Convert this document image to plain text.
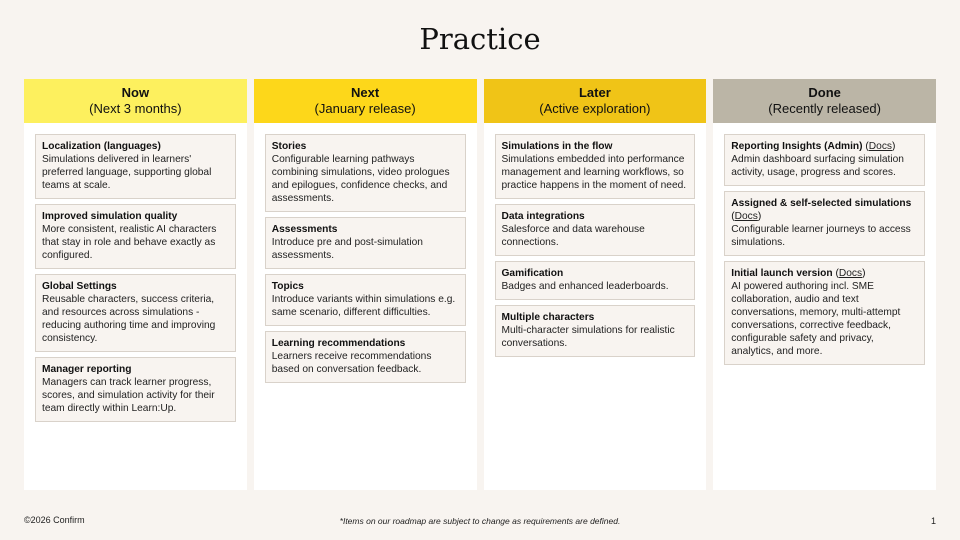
Practice
Now
(Next 3 months)
Localization (languages)
Simulations delivered in learners' preferred language, supporting global teams at scale.
Improved simulation quality
More consistent, realistic AI characters that stay in role and behave exactly as configured.
Global Settings
Reusable characters, success criteria, and resources across simulations - reducing authoring time and improving consistency.
Manager reporting
Managers can track learner progress, scores, and simulation activity for their team directly within Learn:Up.
Next
(January release)
Stories
Configurable learning pathways combining simulations, video prologues and epilogues, confidence checks, and assessments.
Assessments
Introduce pre and post-simulation assessments.
Topics
Introduce variants within simulations e.g. same scenario, different difficulties.
Learning recommendations
Learners receive recommendations based on conversation feedback.
Later
(Active exploration)
Simulations in the flow
Simulations embedded into performance management and learning workflows, so practice happens in the moment of need.
Data integrations
Salesforce and data warehouse connections.
Gamification
Badges and enhanced leaderboards.
Multiple characters
Multi-character simulations for realistic conversations.
Done
(Recently released)
Reporting Insights (Admin) (Docs)
Admin dashboard surfacing simulation activity, usage, progress and scores.
Assigned & self-selected simulations (Docs)
Configurable learner journeys to access simulations.
Initial launch version (Docs)
AI powered authoring incl. SME collaboration, audio and text conversations, memory, multi-attempt conversations, corrective feedback, configurable safety and privacy, analytics, and more.
©2026 Confirm	*Items on our roadmap are subject to change as requirements are defined.	1
